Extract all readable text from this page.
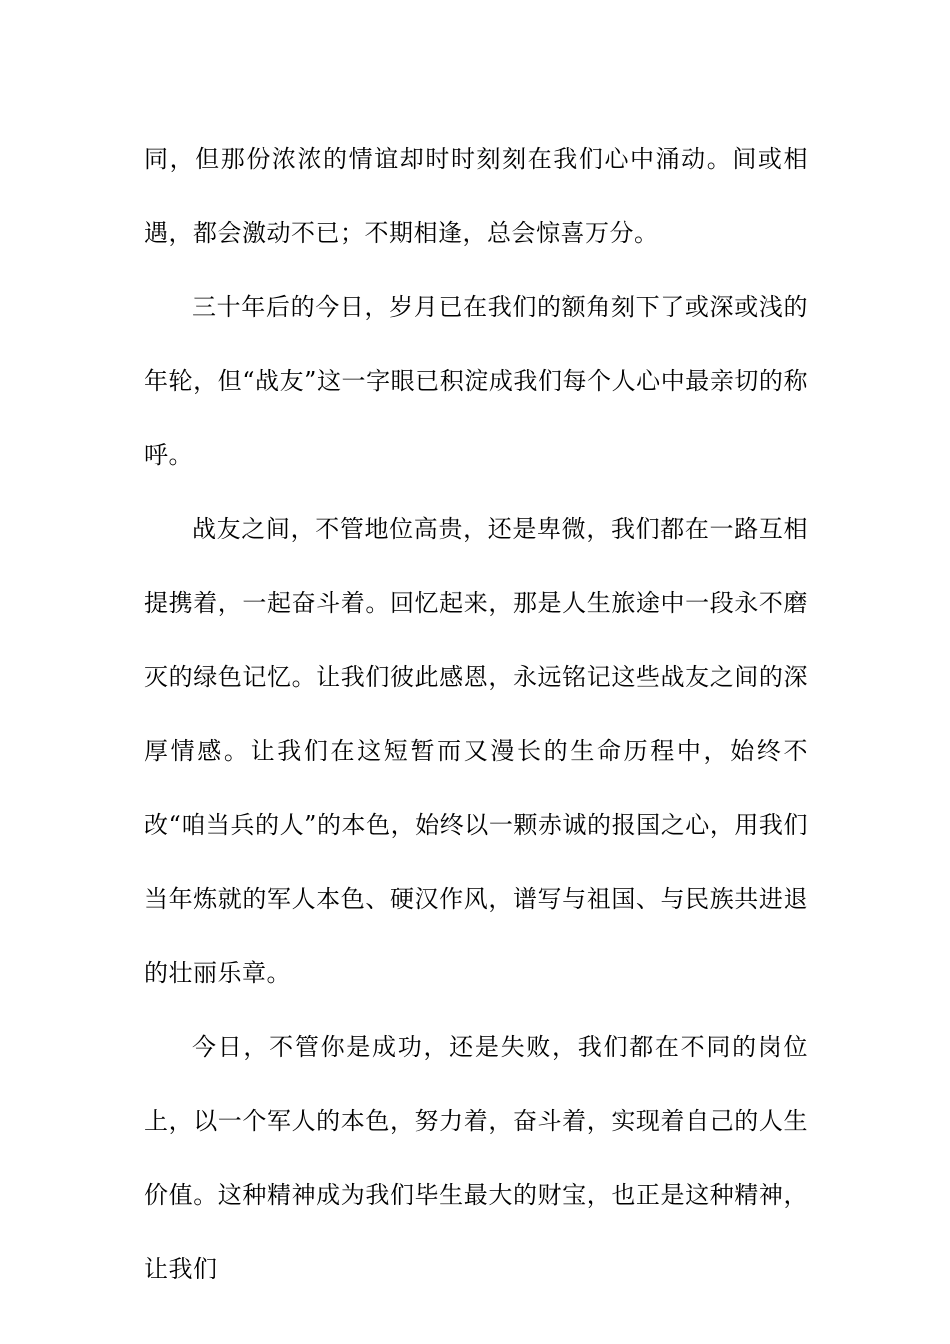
同，但那份浓浓的情谊却时时刻刻在我们心中涌动。间或相遇，都会激动不已；不期相逢，总会惊喜万分。

三十年后的今日，岁月已在我们的额角刻下了或深或浅的年轮，但“战友”这一字眼已积淀成我们每个人心中最亲切的称呼。

战友之间，不管地位高贵，还是卑微，我们都在一路互相提携着，一起奋斗着。回忆起来，那是人生旅途中一段永不磨灭的绿色记忆。让我们彼此感恩，永远铭记这些战友之间的深厚情感。让我们在这短暂而又漫长的生命历程中，始终不改“咱当兵的人”的本色，始终以一颗赤诚的报国之心，用我们当年炼就的军人本色、硬汉作风，谱写与祖国、与民族共进退的壮丽乐章。

今日，不管你是成功，还是失败，我们都在不同的岗位上，以一个军人的本色，努力着，奋斗着，实现着自己的人生价值。这种精神成为我们毕生最大的财宝，也正是这种精神，让我们
